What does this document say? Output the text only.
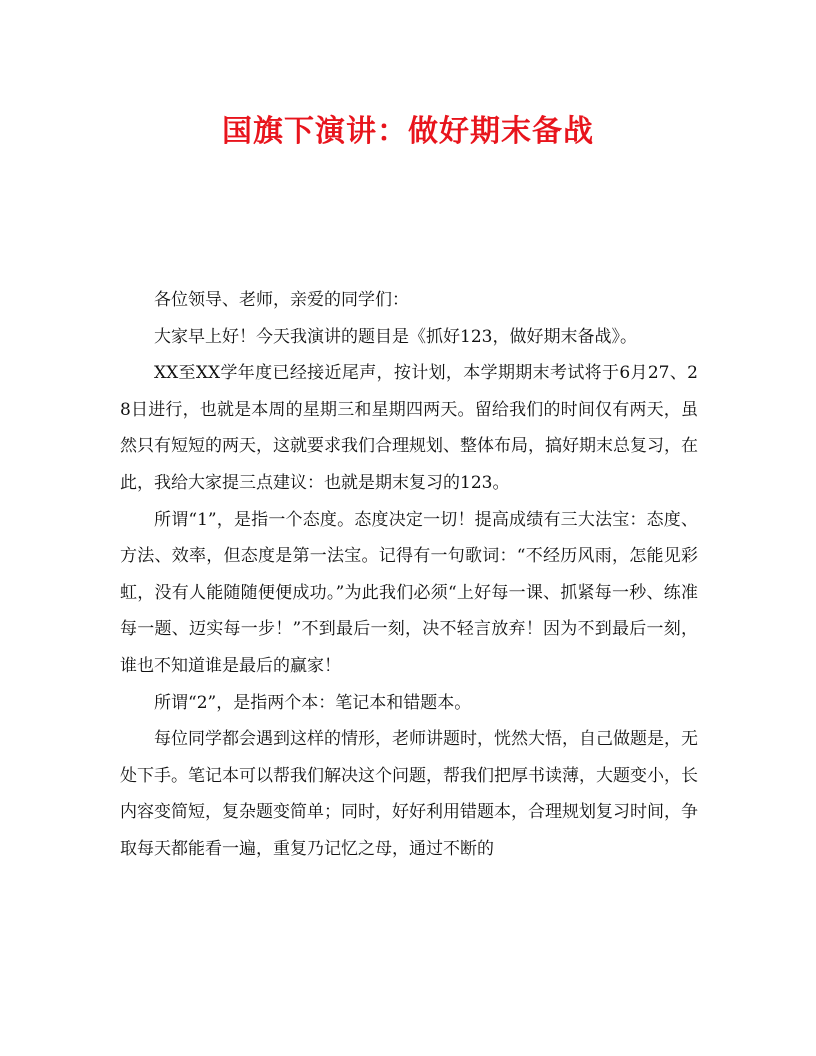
国旗下演讲：做好期末备战

各位领导、老师，亲爱的同学们：

大家早上好！今天我演讲的题目是《抓好123，做好期末备战》。

XX至XX学年度已经接近尾声，按计划，本学期期末考试将于6月27、28日进行，也就是本周的星期三和星期四两天。留给我们的时间仅有两天，虽然只有短短的两天，这就要求我们合理规划、整体布局，搞好期末总复习，在此，我给大家提三点建议：也就是期末复习的123。

所谓“1”，是指一个态度。态度决定一切！提高成绩有三大法宝：态度、方法、效率，但态度是第一法宝。记得有一句歌词：“不经历风雨，怎能见彩虹，没有人能随随便便成功。”为此我们必须“上好每一课、抓紧每一秒、练准每一题、迈实每一步！”不到最后一刻，决不轻言放弃！因为不到最后一刻，谁也不知道谁是最后的赢家！

所谓“2”，是指两个本：笔记本和错题本。

每位同学都会遇到这样的情形，老师讲题时，恍然大悟，自己做题是，无处下手。笔记本可以帮我们解决这个问题，帮我们把厚书读薄，大题变小，长内容变简短，复杂题变简单；同时，好好利用错题本，合理规划复习时间，争取每天都能看一遍，重复乃记忆之母，通过不断的
